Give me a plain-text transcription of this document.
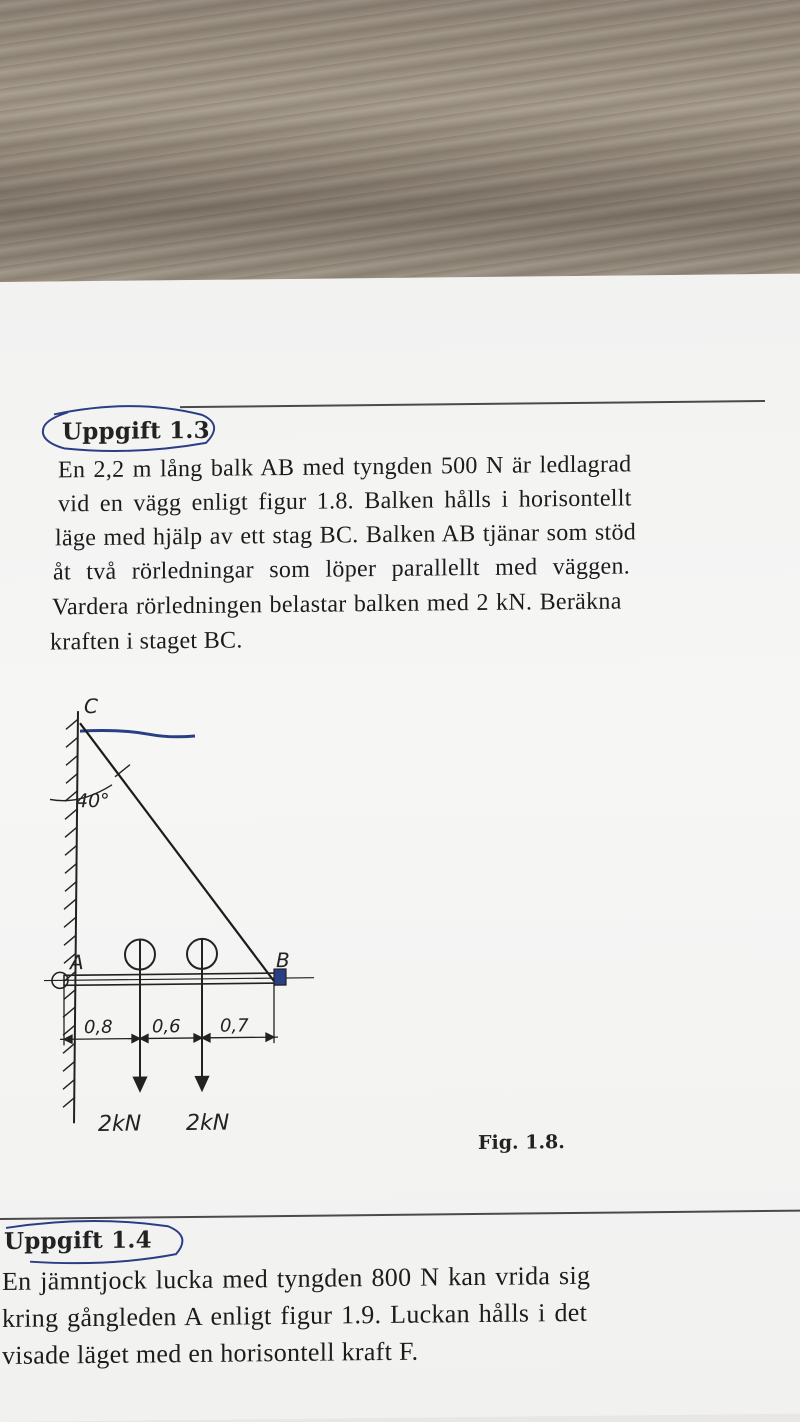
Uppgift 1.3
En 2,2 m lång balk AB med tyngden 500 N är ledlagrad
vid en vägg enligt figur 1.8. Balken hålls i horisontellt
läge med hjälp av ett stag BC. Balken AB tjänar som stöd
åt två rörledningar som löper parallellt med väggen.
Vardera rörledningen belastar balken med 2 kN. Beräkna
kraften i staget BC.
C
40°
A	B
0,8 0,6 0,7
2kN 2kN
Fig. 1.8.
Uppgift 1.4
En jämntjock lucka med tyngden 800 N kan vrida sig
kring gångleden A enligt figur 1.9. Luckan hålls i det
visade läget med en horisontell kraft F.
